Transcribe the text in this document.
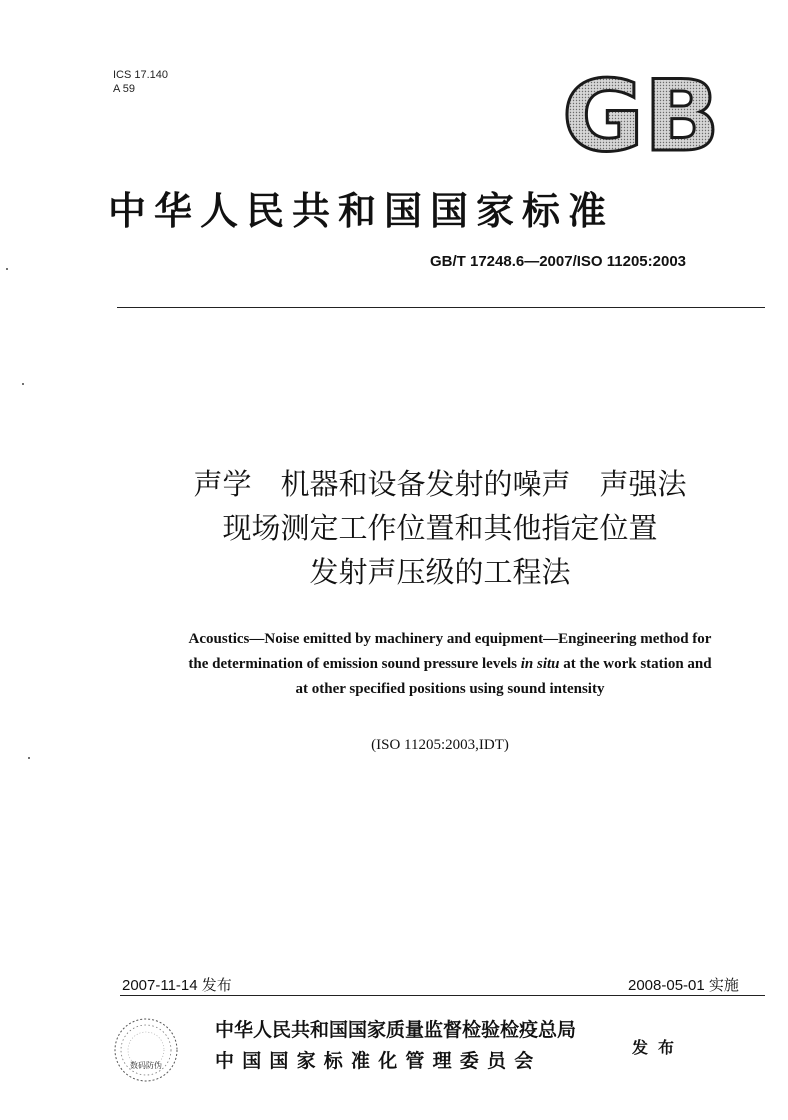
ICS 17.140
A 59	GB
中华人民共和国国家标准
GB/T 17248.6—2007/ISO 11205:2003
声学　机器和设备发射的噪声　声强法
现场测定工作位置和其他指定位置
发射声压级的工程法
Acoustics—Noise emitted by machinery and equipment—Engineering method for
the determination of emission sound pressure levels in situ at the work station and
at other specified positions using sound intensity
(ISO 11205:2003,IDT)
2007-11-14 发布	2008-05-01 实施
数码防伪
中华人民共和国国家质量监督检验检疫总局
中国国家标准化管理委员会
发布
